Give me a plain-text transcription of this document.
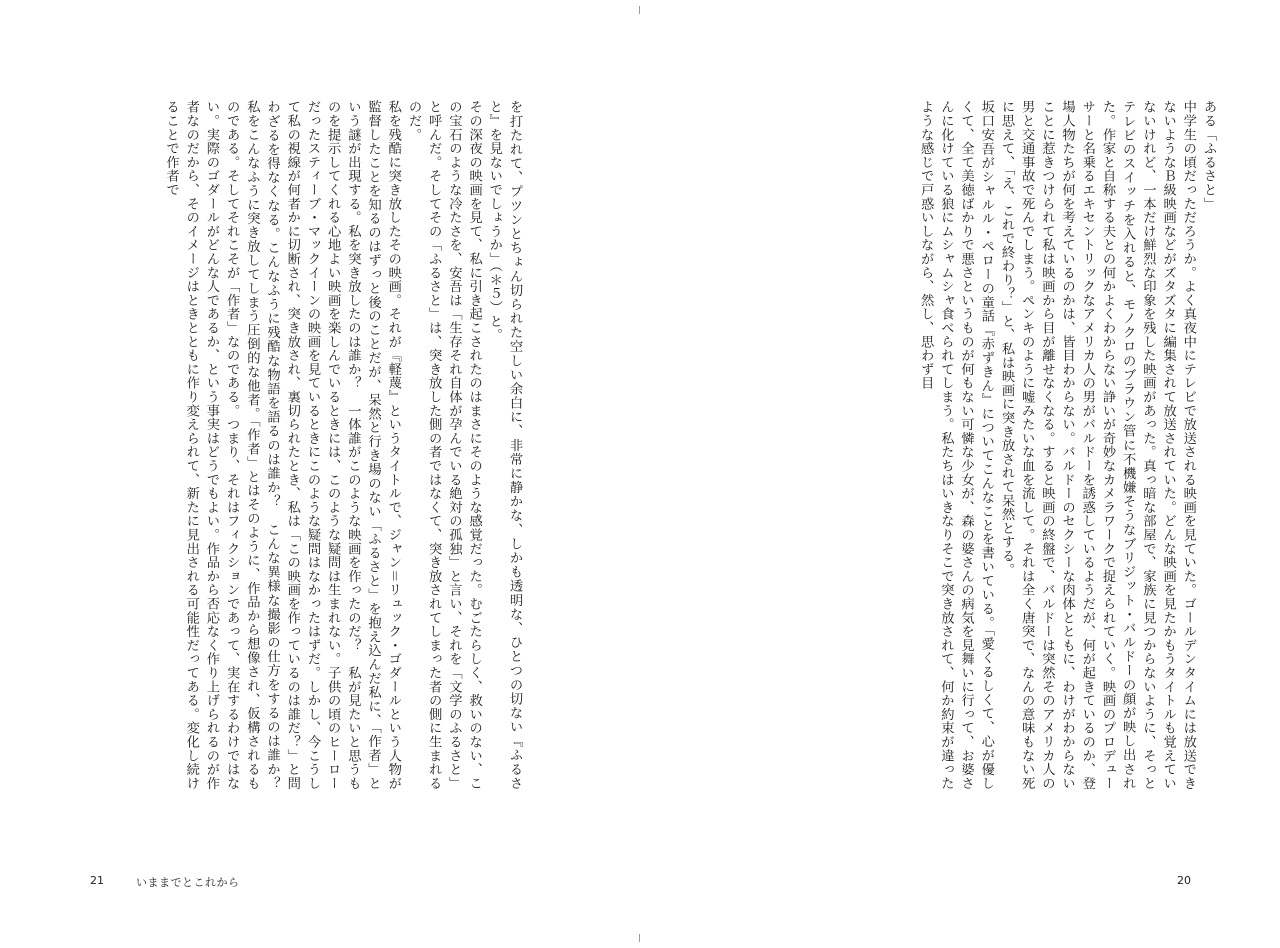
を打たれて、プツンとちょん切られた空しい余白に、非常に静かな、しかも透明な、ひとつの切ない『ふるさと』を見ないでしょうか」（＊５）と。

その深夜の映画を見て、私に引き起こされたのはまさにそのような感覚だった。むごたらしく、救いのない、この宝石のような冷たさを、安吾は「生存それ自体が孕んでいる絶対の孤独」と言い、それを「文学のふるさと」と呼んだ。そしてその「ふるさと」は、突き放した側の者ではなくて、突き放されてしまった者の側に生まれるのだ。

私を残酷に突き放したその映画。それが『軽蔑』というタイトルで、ジャン＝リュック・ゴダールという人物が監督したことを知るのはずっと後のことだが、呆然と行き場のない「ふるさと」を抱え込んだ私に、「作者」という謎が出現する。私を突き放したのは誰か？　一体誰がこのような映画を作ったのだ？　私が見たいと思うものを提示してくれる心地よい映画を楽しんでいるときには、このような疑問は生まれない。子供の頃のヒーローだったスティーブ・マックイーンの映画を見ているときにこのような疑問はなかったはずだ。しかし、今こうして私の視線が何者かに切断され、突き放され、裏切られたとき、私は「この映画を作っているのは誰だ？」と問わざるを得なくなる。こんなふうに残酷な物語を語るのは誰か？　こんな異様な撮影の仕方をするのは誰か？　私をこんなふうに突き放してしまう圧倒的な他者。「作者」とはそのように、作品から想像され、仮構されるものである。そしてそれこそが「作者」なのである。つまり、それはフィクションであって、実在するわけではない。実際のゴダールがどんな人であるか、という事実はどうでもよい。作品から否応なく作り上げられるのが作者なのだから、そのイメージはときとともに作り変えられて、新たに見出される可能性だってある。変化し続けることで作者で

21	いままでとこれから

ある「ふるさと」

中学生の頃だっただろうか。よく真夜中にテレビで放送される映画を見ていた。ゴールデンタイムには放送できないようなＢ級映画などがズタズタに編集されて放送されていた。どんな映画を見たかもうタイトルも覚えていないけれど、一本だけ鮮烈な印象を残した映画があった。真っ暗な部屋で、家族に見つからないように、そっとテレビのスイッチを入れると、モノクロのブラウン管に不機嫌そうなブリジット・バルドーの顔が映し出された。作家と自称する夫との何かよくわからない諍いが奇妙なカメラワークで捉えられていく。映画のプロデューサーと名乗るエキセントリックなアメリカ人の男がバルドーを誘惑しているようだが、何が起きているのか、登場人物たちが何を考えているのかは、皆目わからない。バルドーのセクシーな肉体とともに、わけがわからないことに惹きつけられて私は映画から目が離せなくなる。すると映画の終盤で、バルドーは突然そのアメリカ人の男と交通事故で死んでしまう。ペンキのように嘘みたいな血を流して。それは全く唐突で、なんの意味もない死に思えて、「え、これで終わり？」と、私は映画に突き放されて呆然とする。

坂口安吾がシャルル・ペローの童話『赤ずきん』についてこんなことを書いている。「愛くるしくて、心が優しくて、全て美徳ばかりで悪さというものが何もない可憐な少女が、森の婆さんの病気を見舞いに行って、お婆さんに化けている狼にムシャムシャ食べられてしまう。私たちはいきなりそこで突き放されて、何か約束が違ったような感じで戸惑いしながら、然し、思わず目

20
